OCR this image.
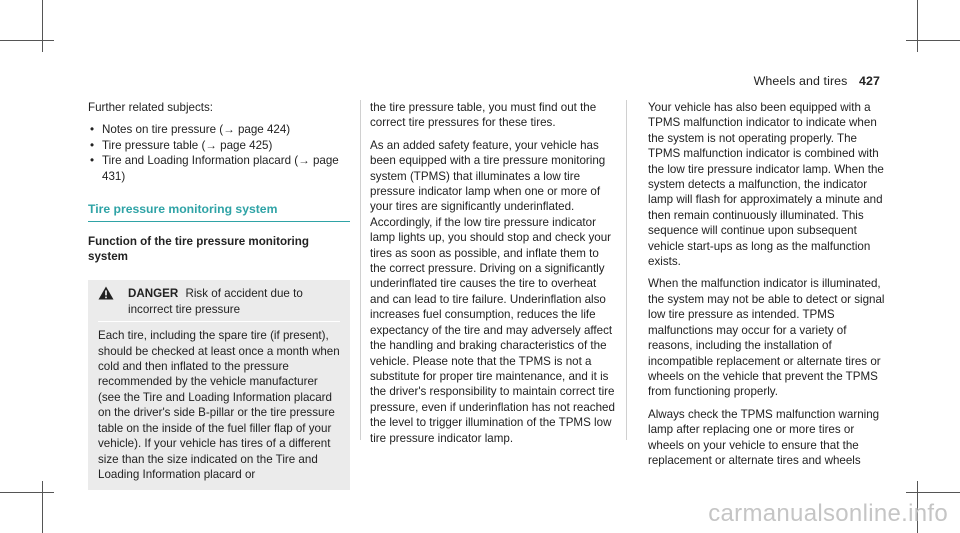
Wheels and tires 427

Further related subjects:

• Notes on tire pressure (→ page 424)
• Tire pressure table (→ page 425)
• Tire and Loading Information placard (→ page 431)
Tire pressure monitoring system
Function of the tire pressure monitoring system
DANGER Risk of accident due to incorrect tire pressure
Each tire, including the spare tire (if present), should be checked at least once a month when cold and then inflated to the pressure recommended by the vehicle manufacturer (see the Tire and Loading Information placard on the driver's side B-pillar or the tire pressure table on the inside of the fuel filler flap of your vehicle). If your vehicle has tires of a different size than the size indicated on the Tire and Loading Information placard or

the tire pressure table, you must find out the correct tire pressures for these tires.

As an added safety feature, your vehicle has been equipped with a tire pressure monitoring system (TPMS) that illuminates a low tire pressure indicator lamp when one or more of your tires are significantly underinflated. Accordingly, if the low tire pressure indicator lamp lights up, you should stop and check your tires as soon as possible, and inflate them to the correct pressure. Driving on a significantly underinflated tire causes the tire to overheat and can lead to tire failure. Underinflation also increases fuel consumption, reduces the life expectancy of the tire and may adversely affect the handling and braking characteristics of the vehicle. Please note that the TPMS is not a substitute for proper tire maintenance, and it is the driver's responsibility to maintain correct tire pressure, even if underinflation has not reached the level to trigger illumination of the TPMS low tire pressure indicator lamp.

Your vehicle has also been equipped with a TPMS malfunction indicator to indicate when the system is not operating properly. The TPMS malfunction indicator is combined with the low tire pressure indicator lamp. When the system detects a malfunction, the indicator lamp will flash for approximately a minute and then remain continuously illuminated. This sequence will continue upon subsequent vehicle start-ups as long as the malfunction exists.

When the malfunction indicator is illuminated, the system may not be able to detect or signal low tire pressure as intended. TPMS malfunctions may occur for a variety of reasons, including the installation of incompatible replacement or alternate tires or wheels on the vehicle that prevent the TPMS from functioning properly.

Always check the TPMS malfunction warning lamp after replacing one or more tires or wheels on your vehicle to ensure that the replacement or alternate tires and wheels

carmanualsonline.info
